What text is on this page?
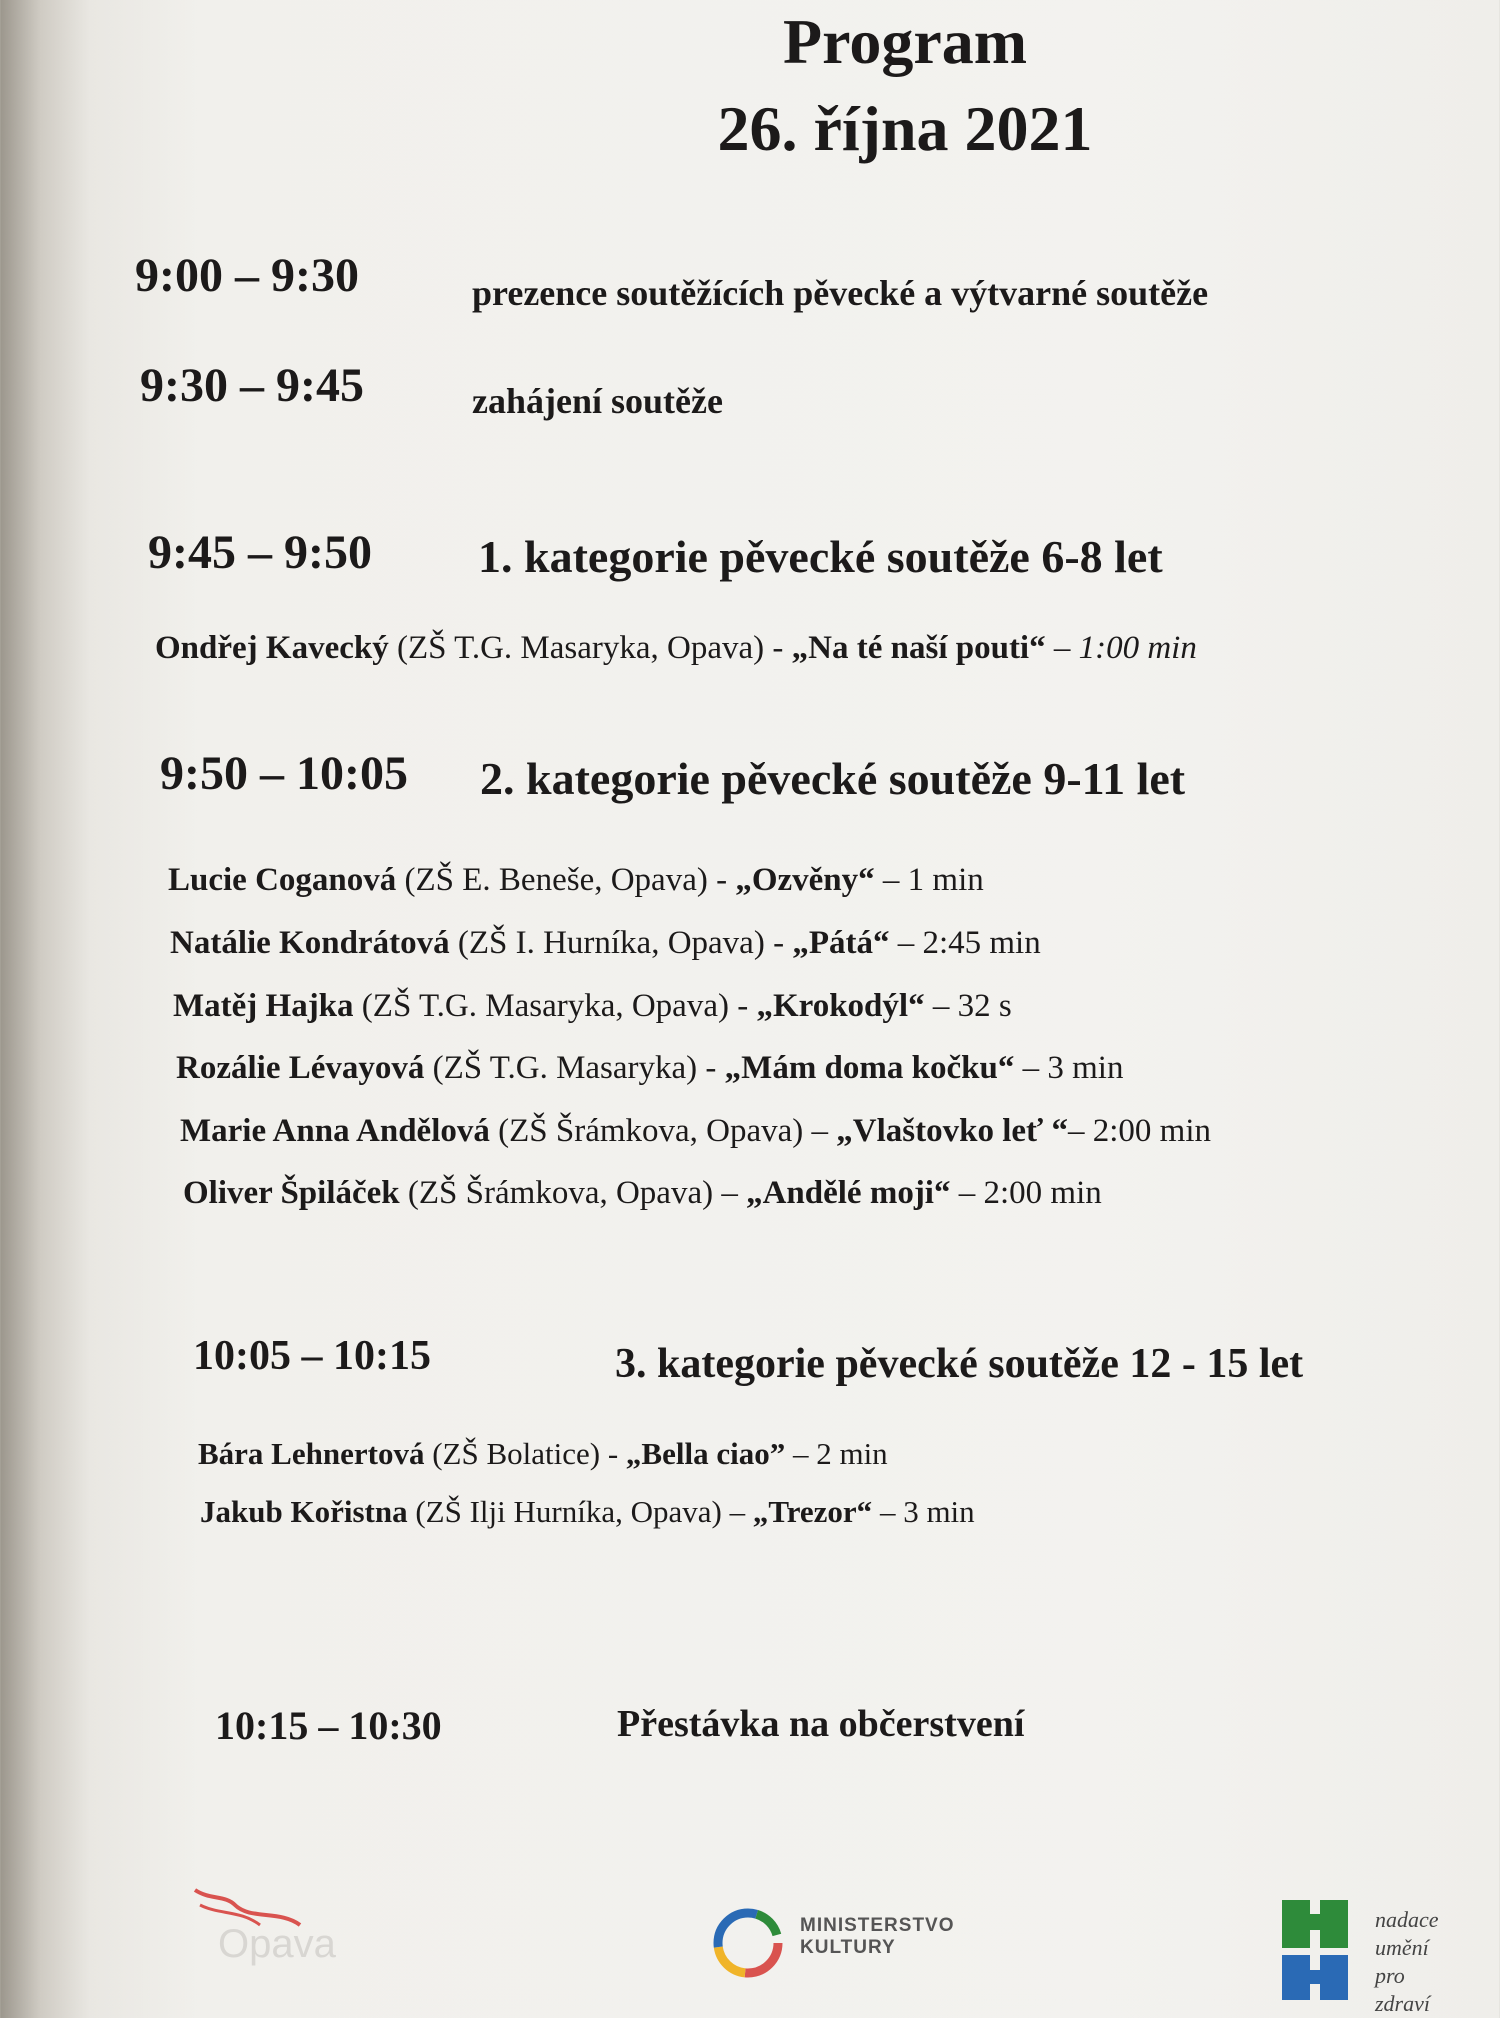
Program
26. října 2021
9:00 – 9:30	prezence soutěžících pěvecké a výtvarné soutěže
9:30 – 9:45	zahájení soutěže
9:45 – 9:50 1. kategorie pěvecké soutěže 6-8 let
Ondřej Kavecký (ZŠ T.G. Masaryka, Opava) - „Na té naší pouti“ – 1:00 min
9:50 – 10:05 2. kategorie pěvecké soutěže 9-11 let
Lucie Coganová (ZŠ E. Beneše, Opava) - „Ozvěny“ – 1 min
Natálie Kondrátová (ZŠ I. Hurníka, Opava) - „Pátá“ – 2:45 min
Matěj Hajka (ZŠ T.G. Masaryka, Opava) - „Krokodýl“ – 32 s
Rozálie Lévayová (ZŠ T.G. Masaryka) - „Mám doma kočku“ – 3 min
Marie Anna Andělová (ZŠ Šrámkova, Opava) – „Vlaštovko leť “– 2:00 min
Oliver Špiláček (ZŠ Šrámkova, Opava) – „Andělé moji“ – 2:00 min
10:05 – 10:15	3. kategorie pěvecké soutěže 12 - 15 let
Bára Lehnertová (ZŠ Bolatice) - „Bella ciao” – 2 min
Jakub Kořistna (ZŠ Ilji Hurníka, Opava) – „Trezor“ – 3 min
10:15 – 10:30	Přestávka na občerstvení
Opava	MINISTERSTVO
KULTURY
nadace
umění
pro
zdraví
